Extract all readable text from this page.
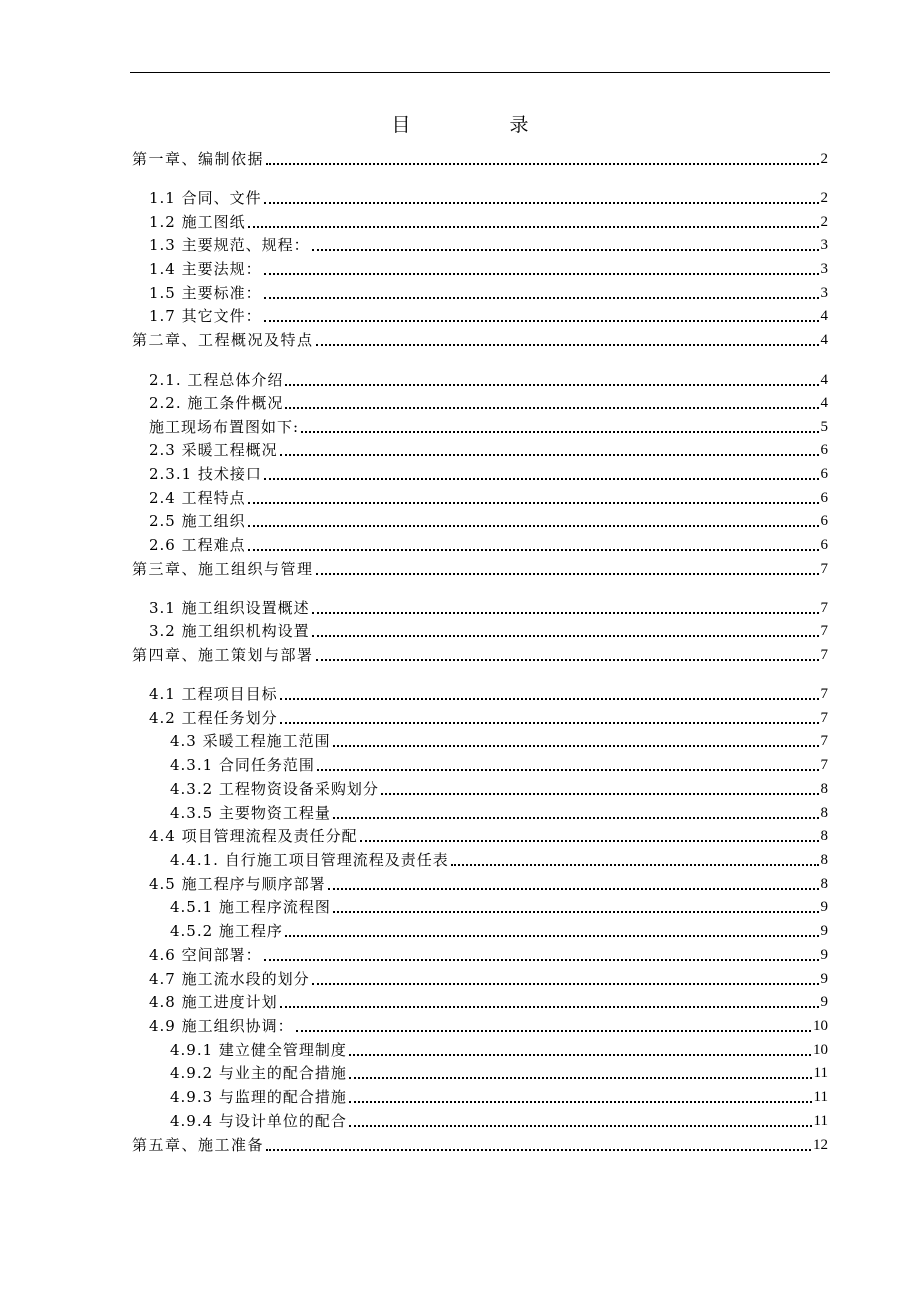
目　录
第一章、编制依据	2
1.1 合同、文件	2
1.2 施工图纸	2
1.3 主要规范、规程：	3
1.4 主要法规：	3
1.5 主要标准：	3
1.7 其它文件：	4
第二章、工程概况及特点	4
2.1. 工程总体介绍	4
2.2. 施工条件概况	4
施工现场布置图如下:	5
2.3 采暖工程概况	6
2.3.1 技术接口	6
2.4 工程特点	6
2.5 施工组织	6
2.6 工程难点	6
第三章、施工组织与管理	7
3.1 施工组织设置概述	7
3.2 施工组织机构设置	7
第四章、施工策划与部署	7
4.1 工程项目目标	7
4.2 工程任务划分	7
4.3 采暖工程施工范围	7
4.3.1 合同任务范围	7
4.3.2 工程物资设备采购划分	8
4.3.5 主要物资工程量	8
4.4 项目管理流程及责任分配	8
4.4.1. 自行施工项目管理流程及责任表	8
4.5 施工程序与顺序部署	8
4.5.1 施工程序流程图	9
4.5.2 施工程序	9
4.6 空间部署：	9
4.7 施工流水段的划分	9
4.8 施工进度计划	9
4.9 施工组织协调：	10
4.9.1 建立健全管理制度	10
4.9.2 与业主的配合措施	11
4.9.3 与监理的配合措施	11
4.9.4 与设计单位的配合	11
第五章、施工准备	12
